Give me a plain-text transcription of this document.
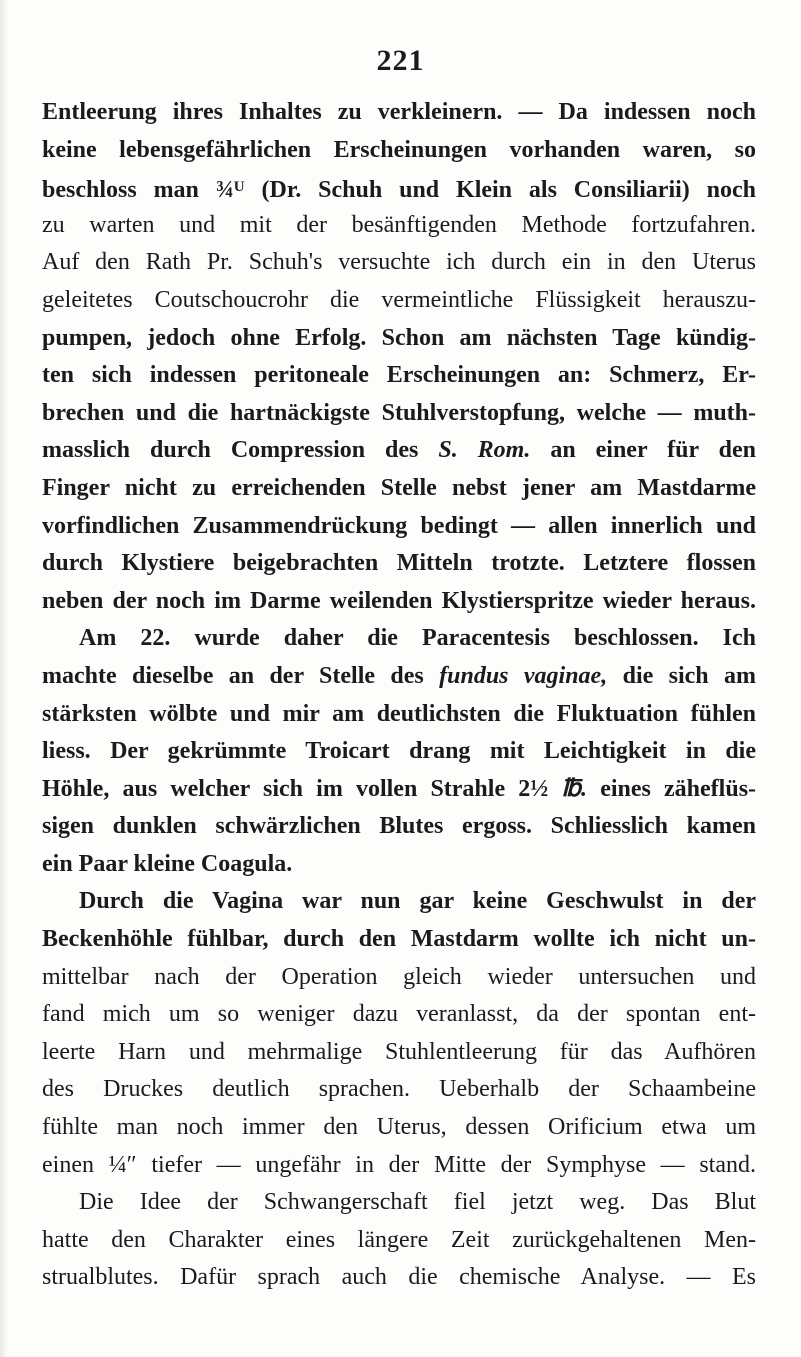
221
Entleerung ihres Inhaltes zu verkleinern. — Da indessen noch
keine lebensgefährlichen Erscheinungen vorhanden waren, so
beschloss man ¾$^U$ (Dr. Schuh und Klein als Consiliarii) noch
zu warten und mit der besänftigenden Methode fortzufahren.
Auf den Rath Pr. Schuh's versuchte ich durch ein in den Uterus
geleitetes Coutschoucrohr die vermeintliche Flüssigkeit herauszu-
pumpen, jedoch ohne Erfolg. Schon am nächsten Tage kündig-
ten sich indessen peritoneale Erscheinungen an: Schmerz, Er-
brechen und die hartnäckigste Stuhlverstopfung, welche — muth-
masslich durch Compression des S. Rom. an einer für den
Finger nicht zu erreichenden Stelle nebst jener am Mastdarme
vorfindlichen Zusammendrückung bedingt — allen innerlich und
durch Klystiere beigebrachten Mitteln trotzte. Letztere flossen
neben der noch im Darme weilenden Klystierspritze wieder heraus.
Am 22. wurde daher die Paracentesis beschlossen. Ich
machte dieselbe an der Stelle des fundus vaginae, die sich am
stärksten wölbte und mir am deutlichsten die Fluktuation fühlen
liess. Der gekrümmte Troicart drang mit Leichtigkeit in die
Höhle, aus welcher sich im vollen Strahle 2½ ℔. eines zäheflüs-
sigen dunklen schwärzlichen Blutes ergoss. Schliesslich kamen
ein Paar kleine Coagula.
Durch die Vagina war nun gar keine Geschwulst in der
Beckenhöhle fühlbar, durch den Mastdarm wollte ich nicht un-
mittelbar nach der Operation gleich wieder untersuchen und
fand mich um so weniger dazu veranlasst, da der spontan ent-
leerte Harn und mehrmalige Stuhlentleerung für das Aufhören
des Druckes deutlich sprachen. Ueberhalb der Schaambeine
fühlte man noch immer den Uterus, dessen Orificium etwa um
einen ¼″ tiefer — ungefähr in der Mitte der Symphyse — stand.
Die Idee der Schwangerschaft fiel jetzt weg. Das Blut
hatte den Charakter eines längere Zeit zurückgehaltenen Men-
strualblutes. Dafür sprach auch die chemische Analyse. — Es
